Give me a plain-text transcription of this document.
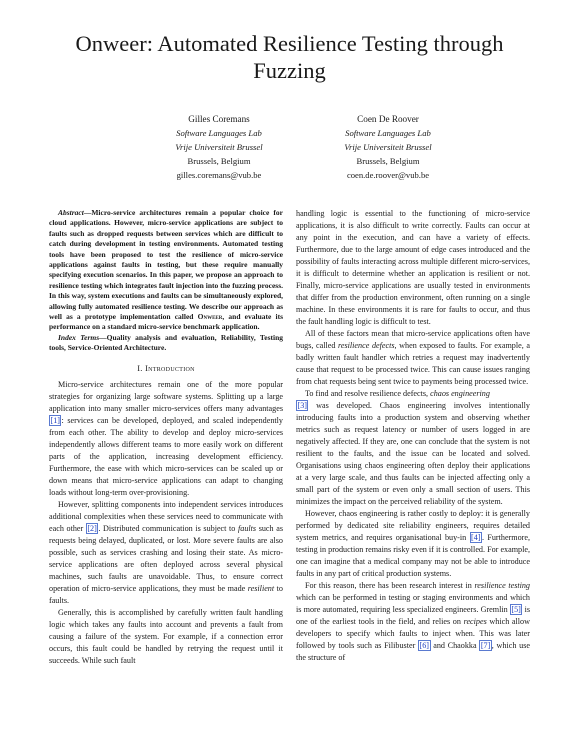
Onweer: Automated Resilience Testing through Fuzzing
Gilles Coremans
Software Languages Lab
Vrije Universiteit Brussel
Brussels, Belgium
gilles.coremans@vub.be
Coen De Roover
Software Languages Lab
Vrije Universiteit Brussel
Brussels, Belgium
coen.de.roover@vub.be

Abstract—Micro-service architectures remain a popular choice for cloud applications. However, micro-service applications are subject to faults such as dropped requests between services which are difficult to catch during development in testing environments. Automated testing tools have been proposed to test the resilience of micro-service applications against faults in testing, but these require manually specifying execution scenarios. In this paper, we propose an approach to resilience testing which integrates fault injection into the fuzzing process. In this way, system executions and faults can be simultaneously explored, allowing fully automated resilience testing. We describe our approach as well as a prototype implementation called Onweer, and evaluate its performance on a standard micro-service benchmark application.

Index Terms—Quality analysis and evaluation, Reliability, Testing tools, Service-Oriented Architecture.

I. Introduction

Micro-service architectures remain one of the more popular strategies for organizing large software systems. Splitting up a large application into many smaller micro-services offers many advantages [1] : services can be developed, deployed, and scaled independently from each other. The ability to develop and deploy micro-services independently allows different teams to more easily work on different parts of the application, increasing development efficiency. Furthermore, the ease with which micro-services can be scaled up or down means that micro-service applications can adapt to changing loads without long-term over-provisioning.

However, splitting components into independent services introduces additional complexities when these services need to communicate with each other [2] . Distributed communication is subject to faults such as requests being delayed, duplicated, or lost. More severe faults are also possible, such as services crashing and losing their state. As micro-service applications are often deployed across several physical machines, such faults are unavoidable. Thus, to ensure correct operation of micro-service applications, they must be made resilient to faults.

Generally, this is accomplished by carefully written fault handling logic which takes any faults into account and prevents a fault from causing a failure of the system. For example, if a connection error occurs, this fault could be handled by retrying the request until it succeeds. While such fault

handling logic is essential to the functioning of micro-service applications, it is also difficult to write correctly. Faults can occur at any point in the execution, and can have a variety of effects. Furthermore, due to the large amount of edge cases introduced and the possibility of faults interacting across multiple different micro-services, it is difficult to determine whether an application is resilient or not. Finally, micro-service applications are usually tested in environments that differ from the production environment, often running on a single machine. In these environments it is rare for faults to occur, and thus the fault handling logic is difficult to test.

All of these factors mean that micro-service applications often have bugs, called resilience defects, when exposed to faults. For example, a badly written fault handler which retries a request may inadvertently cause that request to be processed twice. This can cause issues ranging from chat requests being sent twice to payments being processed twice.

To find and resolve resilience defects, chaos engineering
[3] was developed. Chaos engineering involves intentionally introducing faults into a production system and observing whether metrics such as request latency or number of users logged in are negatively affected. If they are, one can conclude that the system is not resilient to the faults, and the issue can be located and solved. Organisations using chaos engineering often deploy their applications at a very large scale, and thus faults can be injected affecting only a small part of the system or even only a small section of users. This minimizes the impact on the perceived reliability of the system.

However, chaos engineering is rather costly to deploy: it is generally performed by dedicated site reliability engineers, requires detailed system metrics, and requires organisational buy-in [4] . Furthermore, testing in production remains risky even if it is controlled. For example, one can imagine that a medical company may not be able to introduce faults in any part of critical production systems.

For this reason, there has been research interest in resilience testing which can be performed in testing or staging environments and which is more automated, requiring less specialized engineers. Gremlin [5] is one of the earliest tools in the field, and relies on recipes which allow developers to specify which faults to inject when. This was later followed by tools such as Filibuster [6] and Chaokka [7] , which use the structure of
